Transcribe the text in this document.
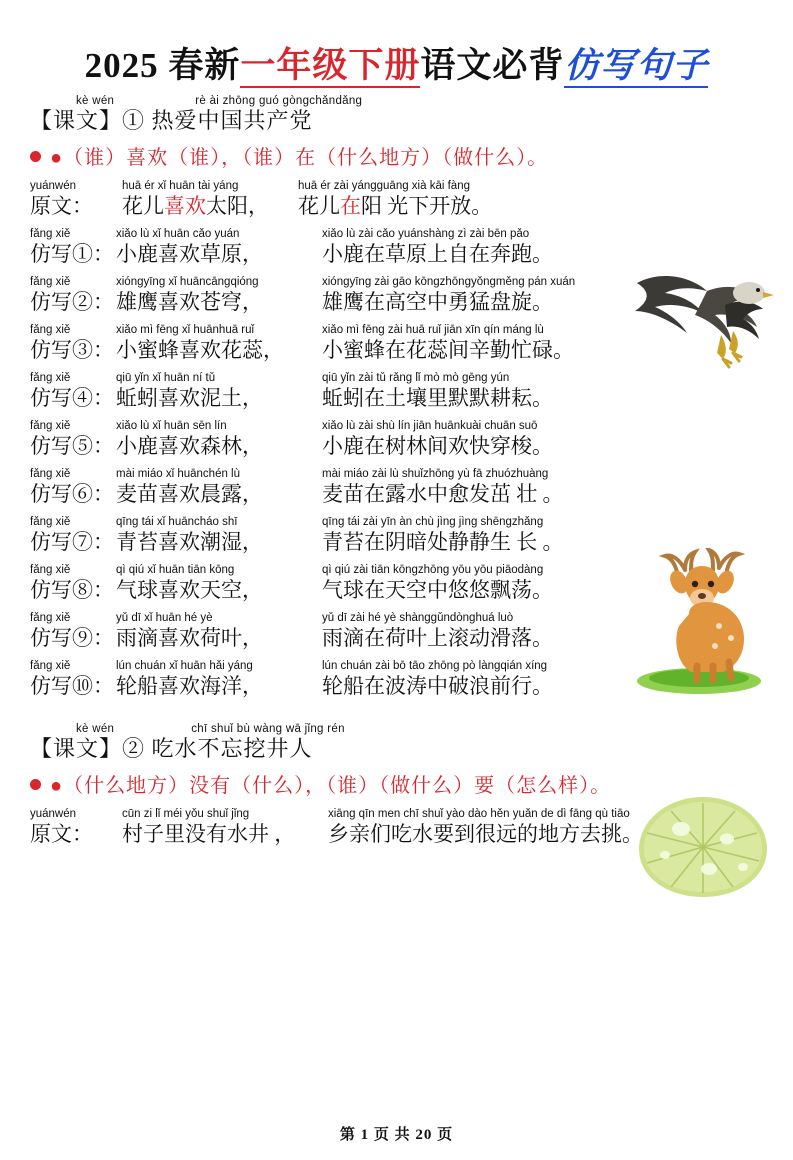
2025 春新一年级下册语文必背仿写句子
kè wén	rè ài zhōng guó gòngchǎndǎng
【课文】① 热爱中国共产党
●（谁）喜欢（谁），（谁）在（什么地方）（做什么）。
yuánwén	huā ér xǐ huān tài yáng	huā ér zài yángguāng xià kāi fàng
原文： 花儿喜欢太阳， 花儿在阳 光下开放。
fǎng xiě	xiǎo lù xǐ huān cǎo yuán	xiǎo lù zài cǎo yuánshàng zì zài bēn pǎo
仿写①：小鹿喜欢草原，	小鹿在草原上自在奔跑。
fǎng xiě	xióngyīng xǐ huāncāngqióng	xióngyīng zài gāo kōngzhōngyǒngměng pán xuán
仿写②：雄鹰喜欢苍穹，	雄鹰在高空中勇猛盘旋。
fǎng xiě	xiǎo mì fēng xǐ huānhuā ruǐ	xiǎo mì fēng zài huā ruǐ jiān xīn qín máng lù
仿写③：小蜜蜂喜欢花蕊， 小蜜蜂在花蕊间辛勤忙碌。
fǎng xiě	qiū yǐn xǐ huān ní tǔ	qiū yǐn zài tǔ rǎng lǐ mò mò gēng yún
仿写④：蚯蚓喜欢泥土，	蚯蚓在土壤里默默耕耘。
fǎng xiě	xiǎo lù xǐ huān sēn lín	xiǎo lù zài shù lín jiān huānkuài chuān suō
仿写⑤：小鹿喜欢森林，	小鹿在树林间欢快穿梭。
fǎng xiě	mài miáo xǐ huānchén lù	mài miáo zài lù shuǐzhōng yù fā zhuózhuàng
仿写⑥：麦苗喜欢晨露，	麦苗在露水中愈发茁 壮 。
fǎng xiě	qīng tái xǐ huāncháo shī	qīng tái zài yīn àn chù jìng jìng shēngzhǎng
仿写⑦：青苔喜欢潮湿，	青苔在阴暗处静静生 长 。
fǎng xiě	qì qiú xǐ huān tiān kōng	qì qiú zài tiān kōngzhōng yōu yōu piāodàng
仿写⑧：气球喜欢天空，	气球在天空中悠悠飘荡。
fǎng xiě	yǔ dī xǐ huān hé yè	yǔ dī zài hé yè shànggǔndònghuá luò
仿写⑨：雨滴喜欢荷叶，	雨滴在荷叶上滚动滑落。
fǎng xiě	lún chuán xǐ huān hǎi yáng	lún chuán zài bō tāo zhōng pò làngqián xíng
仿写⑩：轮船喜欢海洋，	轮船在波涛中破浪前行。
kè wén	chī shuǐ bù wàng wā jǐng rén
【课文】② 吃水不忘挖井人
●（什么地方）没有（什么），（谁）（做什么）要（怎么样）。
yuánwén	cūn zi lǐ méi yǒu shuǐ jǐng	xiāng qīn men chī shuǐ yào dào hěn yuǎn de dì fāng qù tiāo
原文： 村子里没有水井 ， 乡亲们吃水要到很远的地方去挑。
第 1 页 共 20 页
